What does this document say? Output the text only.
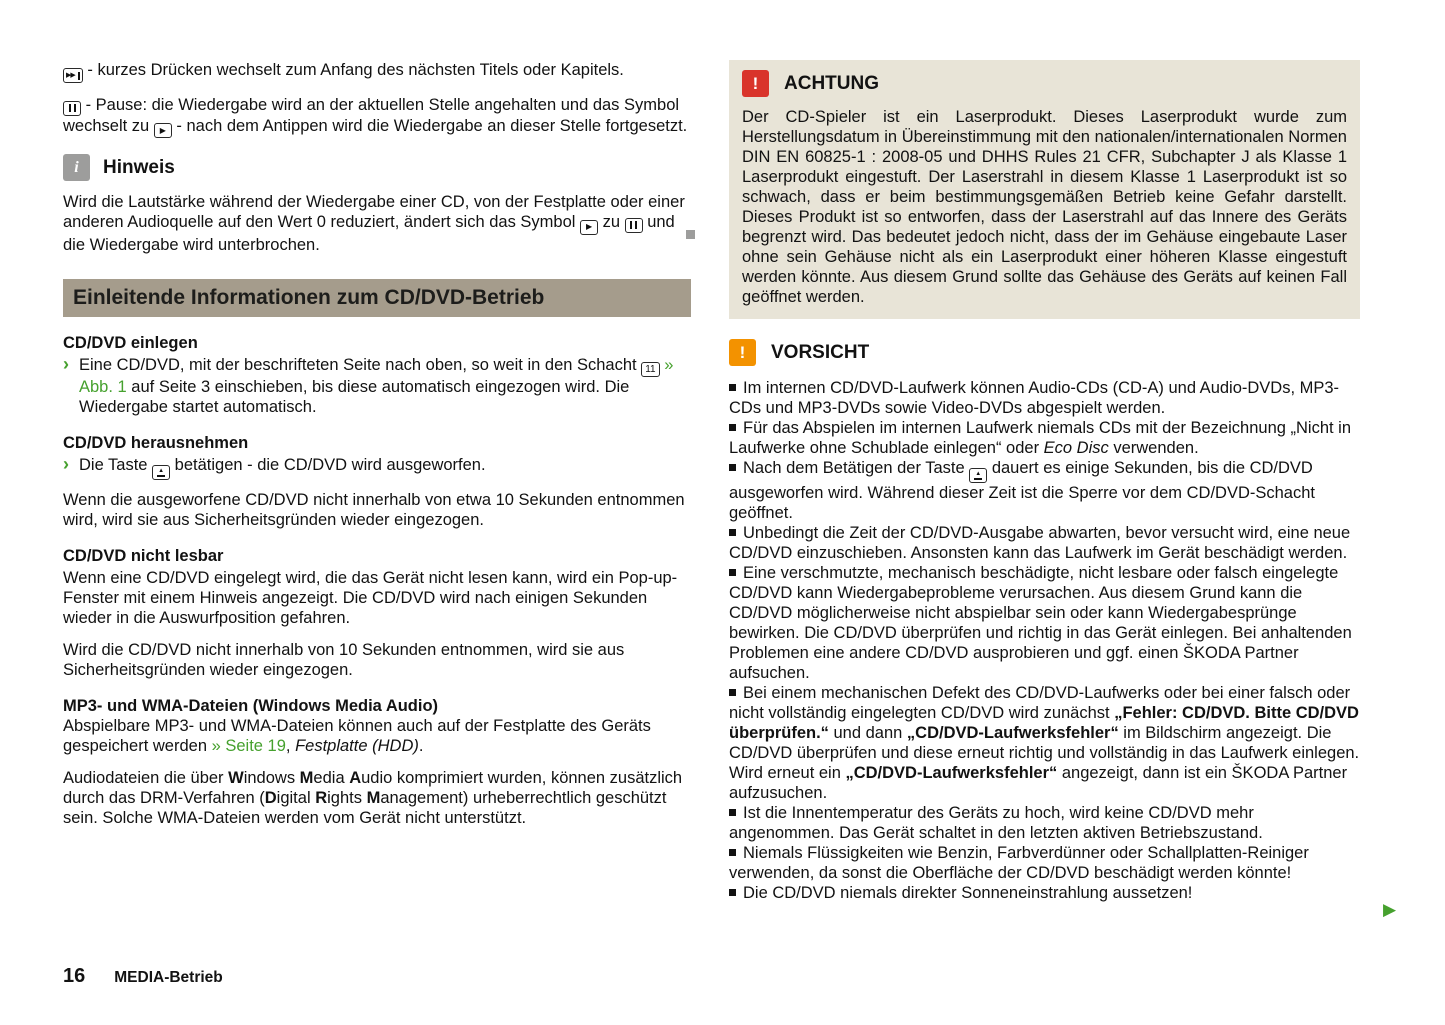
▶▶ - kurzes Drücken wechselt zum Anfang des nächsten Titels oder Kapitels.

- Pause: die Wiedergabe wird an der aktuellen Stelle angehalten und das Symbol wechselt zu ▶ - nach dem Antippen wird die Wiedergabe an dieser Stelle fortgesetzt.

i	Hinweis

Wird die Lautstärke während der Wiedergabe einer CD, von der Festplatte oder einer anderen Audioquelle auf den Wert 0 reduziert, ändert sich das Symbol ▶ zu  und die Wiedergabe wird unterbrochen.

Einleitende Informationen zum CD/DVD-Betrieb

CD/DVD einlegen

› Eine CD/DVD, mit der beschrifteten Seite nach oben, so weit in den Schacht 11 » Abb. 1 auf Seite 3 einschieben, bis diese automatisch eingezogen wird. Die Wiedergabe startet automatisch.

CD/DVD herausnehmen

› Die Taste ▲ betätigen - die CD/DVD wird ausgeworfen.

Wenn die ausgeworfene CD/DVD nicht innerhalb von etwa 10 Sekunden entnommen wird, wird sie aus Sicherheitsgründen wieder eingezogen.

CD/DVD nicht lesbar

Wenn eine CD/DVD eingelegt wird, die das Gerät nicht lesen kann, wird ein Pop-up-Fenster mit einem Hinweis angezeigt. Die CD/DVD wird nach einigen Sekunden wieder in die Auswurfposition gefahren.

Wird die CD/DVD nicht innerhalb von 10 Sekunden entnommen, wird sie aus Sicherheitsgründen wieder eingezogen.

MP3- und WMA-Dateien (Windows Media Audio)

Abspielbare MP3- und WMA-Dateien können auch auf der Festplatte des Geräts gespeichert werden » Seite 19, Festplatte (HDD).

Audiodateien die über Windows Media Audio komprimiert wurden, können zusätzlich durch das DRM-Verfahren (Digital Rights Management) urheberrechtlich geschützt sein. Solche WMA-Dateien werden vom Gerät nicht unterstützt.

!	ACHTUNG

Der CD-Spieler ist ein Laserprodukt. Dieses Laserprodukt wurde zum Herstellungsdatum in Übereinstimmung mit den nationalen/internationalen Normen DIN EN 60825-1 : 2008-05 und DHHS Rules 21 CFR, Subchapter J als Klasse 1 Laserprodukt eingestuft. Der Laserstrahl in diesem Klasse 1 Laserprodukt ist so schwach, dass er beim bestimmungsgemäßen Betrieb keine Gefahr darstellt. Dieses Produkt ist so entworfen, dass der Laserstrahl auf das Innere des Geräts begrenzt wird. Das bedeutet jedoch nicht, dass der im Gehäuse eingebaute Laser ohne sein Gehäuse nicht als ein Laserprodukt einer höheren Klasse eingestuft werden könnte. Aus diesem Grund sollte das Gehäuse des Geräts auf keinen Fall geöffnet werden.

!	VORSICHT

Im internen CD/DVD-Laufwerk können Audio-CDs (CD-A) und Audio-DVDs, MP3-CDs und MP3-DVDs sowie Video-DVDs abgespielt werden.

Für das Abspielen im internen Laufwerk niemals CDs mit der Bezeichnung „Nicht in Laufwerke ohne Schublade einlegen“ oder Eco Disc verwenden.

Nach dem Betätigen der Taste ▲ dauert es einige Sekunden, bis die CD/DVD ausgeworfen wird. Während dieser Zeit ist die Sperre vor dem CD/DVD-Schacht geöffnet.

Unbedingt die Zeit der CD/DVD-Ausgabe abwarten, bevor versucht wird, eine neue CD/DVD einzuschieben. Ansonsten kann das Laufwerk im Gerät beschädigt werden.

Eine verschmutzte, mechanisch beschädigte, nicht lesbare oder falsch eingelegte CD/DVD kann Wiedergabeprobleme verursachen. Aus diesem Grund kann die CD/DVD möglicherweise nicht abspielbar sein oder kann Wiedergabesprünge bewirken. Die CD/DVD überprüfen und richtig in das Gerät einlegen. Bei anhaltenden Problemen eine andere CD/DVD ausprobieren und ggf. einen ŠKODA Partner aufsuchen.

Bei einem mechanischen Defekt des CD/DVD-Laufwerks oder bei einer falsch oder nicht vollständig eingelegten CD/DVD wird zunächst „Fehler: CD/DVD. Bitte CD/DVD überprüfen.“ und dann „CD/DVD-Laufwerksfehler“ im Bildschirm angezeigt. Die CD/DVD überprüfen und diese erneut richtig und vollständig in das Laufwerk einlegen. Wird erneut ein „CD/DVD-Laufwerksfehler“ angezeigt, dann ist ein ŠKODA Partner aufzusuchen.

Ist die Innentemperatur des Geräts zu hoch, wird keine CD/DVD mehr angenommen. Das Gerät schaltet in den letzten aktiven Betriebszustand.

Niemals Flüssigkeiten wie Benzin, Farbverdünner oder Schallplatten-Reiniger verwenden, da sonst die Oberfläche der CD/DVD beschädigt werden könnte!

Die CD/DVD niemals direkter Sonneneinstrahlung aussetzen!

16 MEDIA-Betrieb
▶
